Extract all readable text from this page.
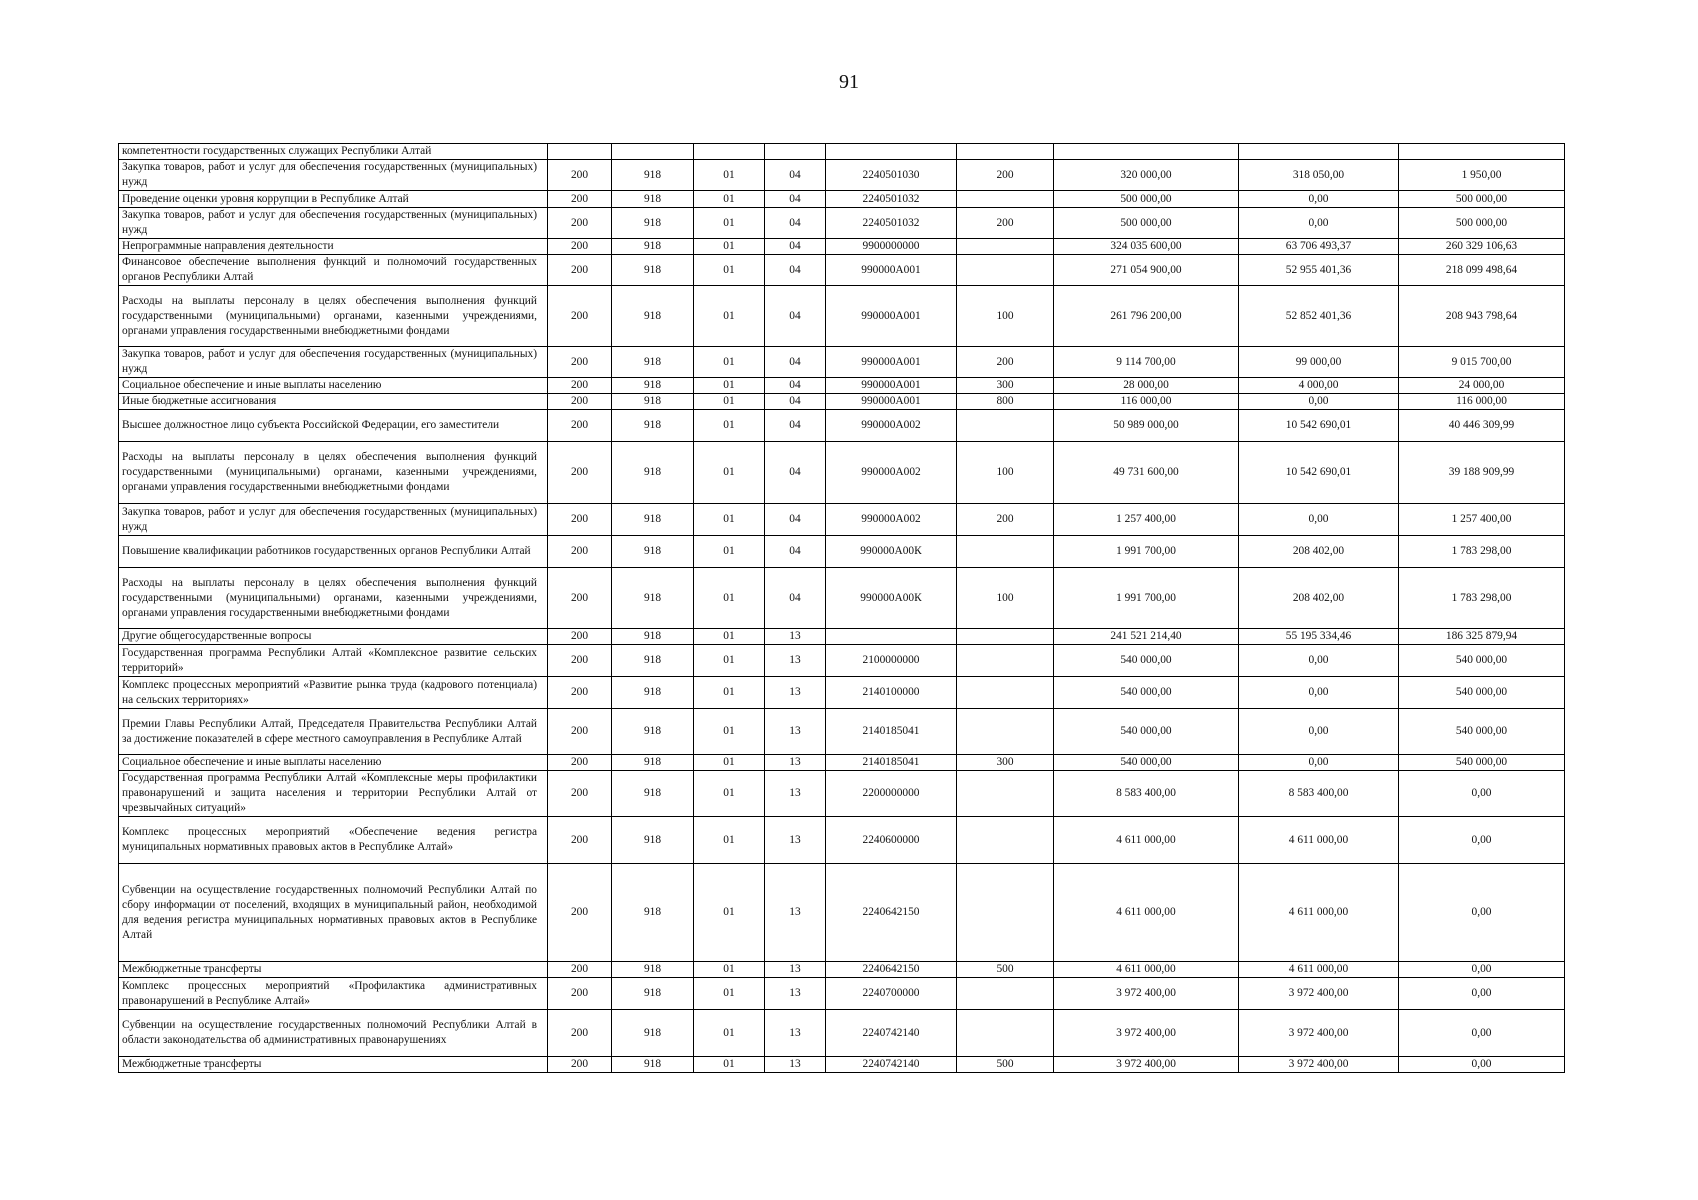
91
компетентности государственных служащих Республики Алтай									
Закупка товаров, работ и услуг для обеспечения государственных (муниципальных) нужд	200	918	01	04	2240501030	200	320 000,00	318 050,00	1 950,00
Проведение оценки уровня коррупции в Республике Алтай	200	918	01	04	2240501032		500 000,00	0,00	500 000,00
Закупка товаров, работ и услуг для обеспечения государственных (муниципальных) нужд	200	918	01	04	2240501032	200	500 000,00	0,00	500 000,00
Непрограммные направления деятельности	200	918	01	04	9900000000		324 035 600,00	63 706 493,37	260 329 106,63
Финансовое обеспечение выполнения функций и полномочий государственных органов Республики Алтай	200	918	01	04	990000А001		271 054 900,00	52 955 401,36	218 099 498,64
Расходы на выплаты персоналу в целях обеспечения выполнения функций государственными (муниципальными) органами, казенными учреждениями, органами управления государственными внебюджетными фондами	200	918	01	04	990000А001	100	261 796 200,00	52 852 401,36	208 943 798,64
Закупка товаров, работ и услуг для обеспечения государственных (муниципальных) нужд	200	918	01	04	990000А001	200	9 114 700,00	99 000,00	9 015 700,00
Социальное обеспечение и иные выплаты населению	200	918	01	04	990000А001	300	28 000,00	4 000,00	24 000,00
Иные бюджетные ассигнования	200	918	01	04	990000А001	800	116 000,00	0,00	116 000,00
Высшее должностное лицо субъекта Российской Федерации, его заместители	200	918	01	04	990000А002		50 989 000,00	10 542 690,01	40 446 309,99
Расходы на выплаты персоналу в целях обеспечения выполнения функций государственными (муниципальными) органами, казенными учреждениями, органами управления государственными внебюджетными фондами	200	918	01	04	990000А002	100	49 731 600,00	10 542 690,01	39 188 909,99
Закупка товаров, работ и услуг для обеспечения государственных (муниципальных) нужд	200	918	01	04	990000А002	200	1 257 400,00	0,00	1 257 400,00
Повышение квалификации работников государственных органов Республики Алтай	200	918	01	04	990000А00К		1 991 700,00	208 402,00	1 783 298,00
Расходы на выплаты персоналу в целях обеспечения выполнения функций государственными (муниципальными) органами, казенными учреждениями, органами управления государственными внебюджетными фондами	200	918	01	04	990000А00К	100	1 991 700,00	208 402,00	1 783 298,00
Другие общегосударственные вопросы	200	918	01	13			241 521 214,40	55 195 334,46	186 325 879,94
Государственная программа Республики Алтай «Комплексное развитие сельских территорий»	200	918	01	13	2100000000		540 000,00	0,00	540 000,00
Комплекс процессных мероприятий «Развитие рынка труда (кадрового потенциала) на сельских территориях»	200	918	01	13	2140100000		540 000,00	0,00	540 000,00
Премии Главы Республики Алтай, Председателя Правительства Республики Алтай за достижение показателей в сфере местного самоуправления в Республике Алтай	200	918	01	13	2140185041		540 000,00	0,00	540 000,00
Социальное обеспечение и иные выплаты населению	200	918	01	13	2140185041	300	540 000,00	0,00	540 000,00
Государственная программа Республики Алтай «Комплексные меры профилактики правонарушений и защита населения и территории Республики Алтай от чрезвычайных ситуаций»	200	918	01	13	2200000000		8 583 400,00	8 583 400,00	0,00
Комплекс процессных мероприятий «Обеспечение ведения регистра муниципальных нормативных правовых актов в Республике Алтай»	200	918	01	13	2240600000		4 611 000,00	4 611 000,00	0,00
Субвенции на осуществление государственных полномочий Республики Алтай по сбору информации от поселений, входящих в муниципальный район, необходимой для ведения регистра муниципальных нормативных правовых актов в Республике Алтай	200	918	01	13	2240642150		4 611 000,00	4 611 000,00	0,00
Межбюджетные трансферты	200	918	01	13	2240642150	500	4 611 000,00	4 611 000,00	0,00
Комплекс процессных мероприятий «Профилактика административных правонарушений в Республике Алтай»	200	918	01	13	2240700000		3 972 400,00	3 972 400,00	0,00
Субвенции на осуществление государственных полномочий Республики Алтай в области законодательства об административных правонарушениях	200	918	01	13	2240742140		3 972 400,00	3 972 400,00	0,00
Межбюджетные трансферты	200	918	01	13	2240742140	500	3 972 400,00	3 972 400,00	0,00
